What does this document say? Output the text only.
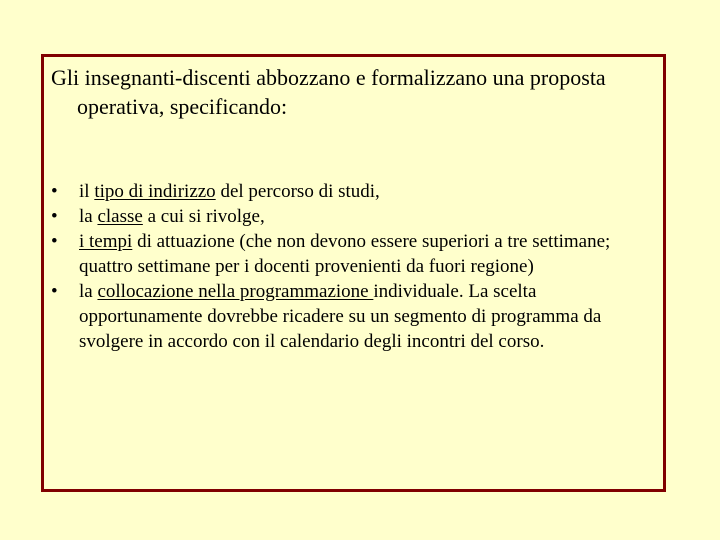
Gli insegnanti-discenti abbozzano e formalizzano una proposta operativa, specificando:

•	il tipo di indirizzo del percorso di studi,
•	la classe a cui si rivolge,
•	i tempi di attuazione (che non devono essere superiori a tre settimane; quattro settimane per i docenti provenienti da fuori regione)
•	la collocazione nella programmazione individuale. La scelta opportunamente dovrebbe ricadere su un segmento di programma da svolgere in accordo con il calendario degli incontri del corso.
